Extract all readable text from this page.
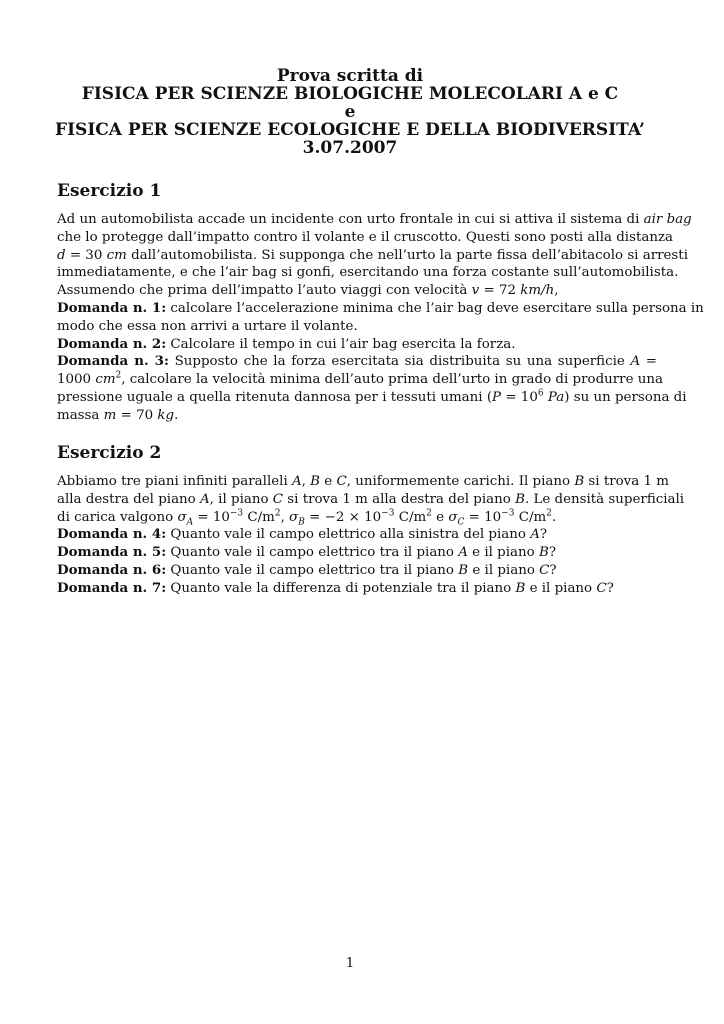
Prova scritta di
FISICA PER SCIENZE BIOLOGICHE MOLECOLARI A e C
e
FISICA PER SCIENZE ECOLOGICHE E DELLA BIODIVERSITA’
3.07.2007
Esercizio 1
Ad un automobilista accade un incidente con urto frontale in cui si attiva il sistema di air bag
che lo protegge dall’impatto contro il volante e il cruscotto. Questi sono posti alla distanza
d = 30 cm dall’automobilista. Si supponga che nell’urto la parte fissa dell’abitacolo si arresti
immediatamente, e che l’air bag si gonfi, esercitando una forza costante sull’automobilista.
Assumendo che prima dell’impatto l’auto viaggi con velocità v = 72 km/h,
Domanda n. 1: calcolare l’accelerazione minima che l’air bag deve esercitare sulla persona in
modo che essa non arrivi a urtare il volante.
Domanda n. 2: Calcolare il tempo in cui l’air bag esercita la forza.
Domanda n. 3: Supposto che la forza esercitata sia distribuita su una superficie A =
1000 $cm^2$, calcolare la velocità minima dell’auto prima dell’urto in grado di produrre una
pressione uguale a quella ritenuta dannosa per i tessuti umani ($P = 10^6$ Pa) su un persona di
massa m = 70 kg.
Esercizio 2
Abbiamo tre piani infiniti paralleli A, B e C, uniformemente carichi. Il piano B si trova 1 m
alla destra del piano A, il piano C si trova 1 m alla destra del piano B. Le densità superficiali
di carica valgono $\sigma_A = 10^{-3}$ $C/m^2$, $\sigma_B = -2 \times 10^{-3}$ $C/m^2$ e $\sigma_C = 10^{-3}$ $C/m^2$.
Domanda n. 4: Quanto vale il campo elettrico alla sinistra del piano A?
Domanda n. 5: Quanto vale il campo elettrico tra il piano A e il piano B?
Domanda n. 6: Quanto vale il campo elettrico tra il piano B e il piano C?
Domanda n. 7: Quanto vale la differenza di potenziale tra il piano B e il piano C?
1
